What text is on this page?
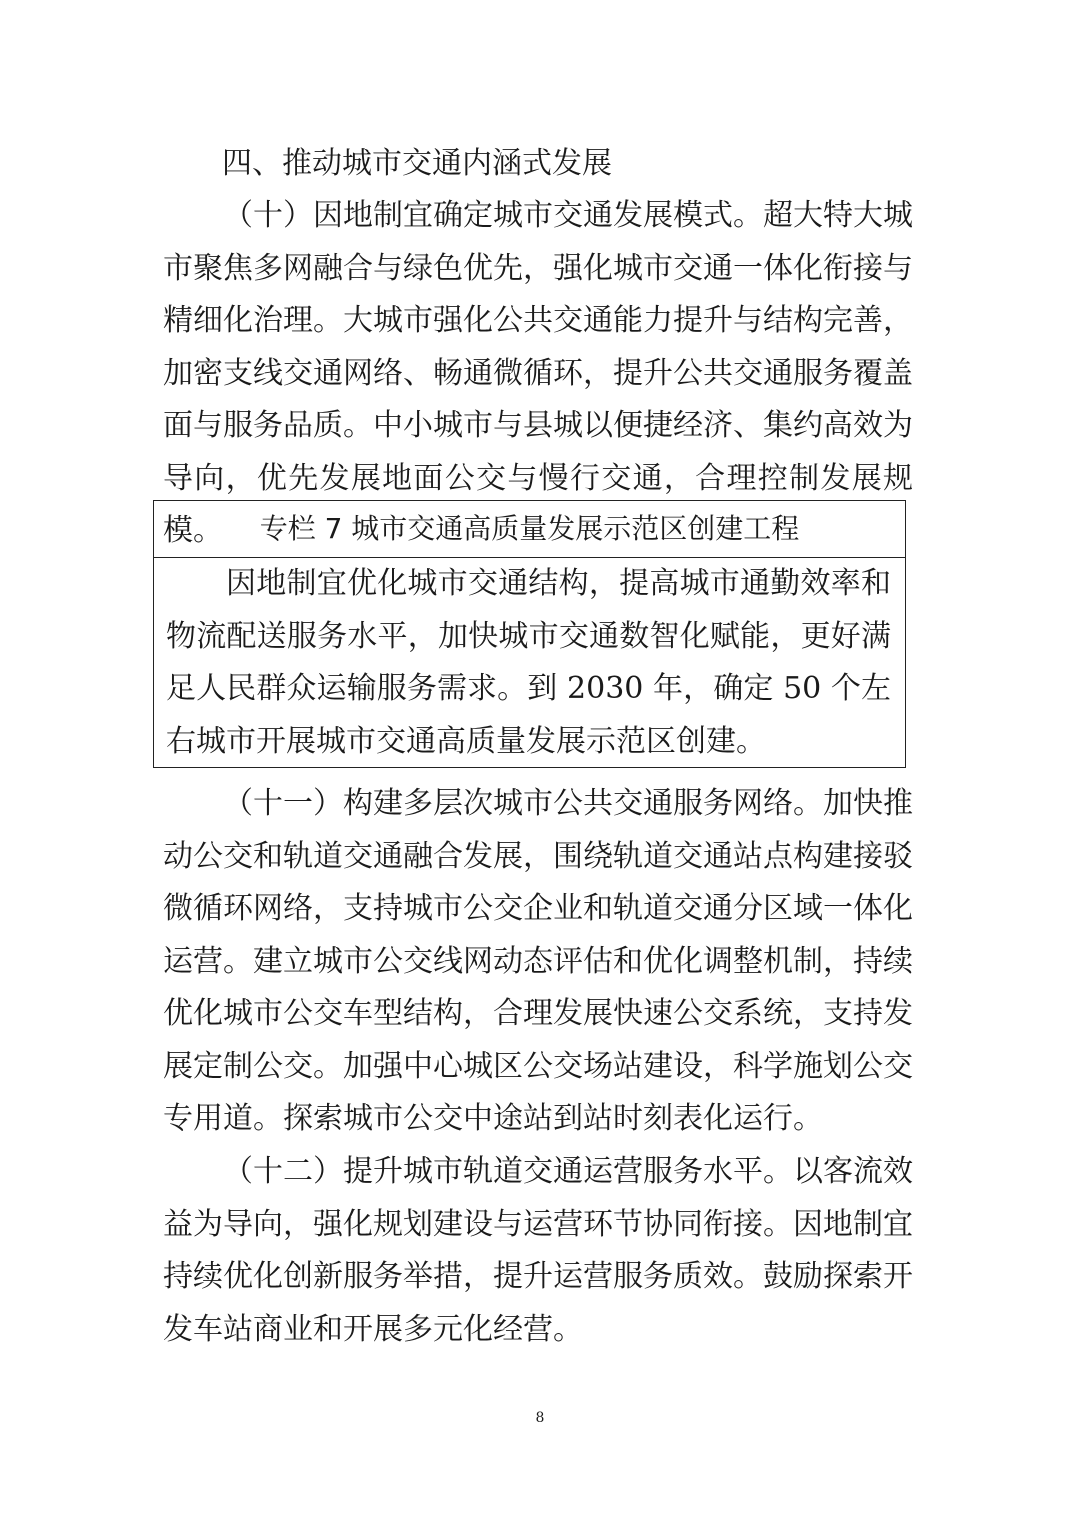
四、推动城市交通内涵式发展

（十）因地制宜确定城市交通发展模式。超大特大城市聚焦多网融合与绿色优先，强化城市交通一体化衔接与精细化治理。大城市强化公共交通能力提升与结构完善，加密支线交通网络、畅通微循环，提升公共交通服务覆盖面与服务品质。中小城市与县城以便捷经济、集约高效为导向，优先发展地面公交与慢行交通，合理控制发展规模。	专栏 7 城市交通高质量发展示范区创建工程

因地制宜优化城市交通结构，提高城市通勤效率和物流配送服务水平，加快城市交通数智化赋能，更好满足人民群众运输服务需求。到 2030 年，确定 50 个左右城市开展城市交通高质量发展示范区创建。

（十一）构建多层次城市公共交通服务网络。加快推动公交和轨道交通融合发展，围绕轨道交通站点构建接驳微循环网络，支持城市公交企业和轨道交通分区域一体化运营。建立城市公交线网动态评估和优化调整机制，持续优化城市公交车型结构，合理发展快速公交系统，支持发展定制公交。加强中心城区公交场站建设，科学施划公交专用道。探索城市公交中途站到站时刻表化运行。

（十二）提升城市轨道交通运营服务水平。以客流效益为导向，强化规划建设与运营环节协同衔接。因地制宜持续优化创新服务举措，提升运营服务质效。鼓励探索开发车站商业和开展多元化经营。

8
